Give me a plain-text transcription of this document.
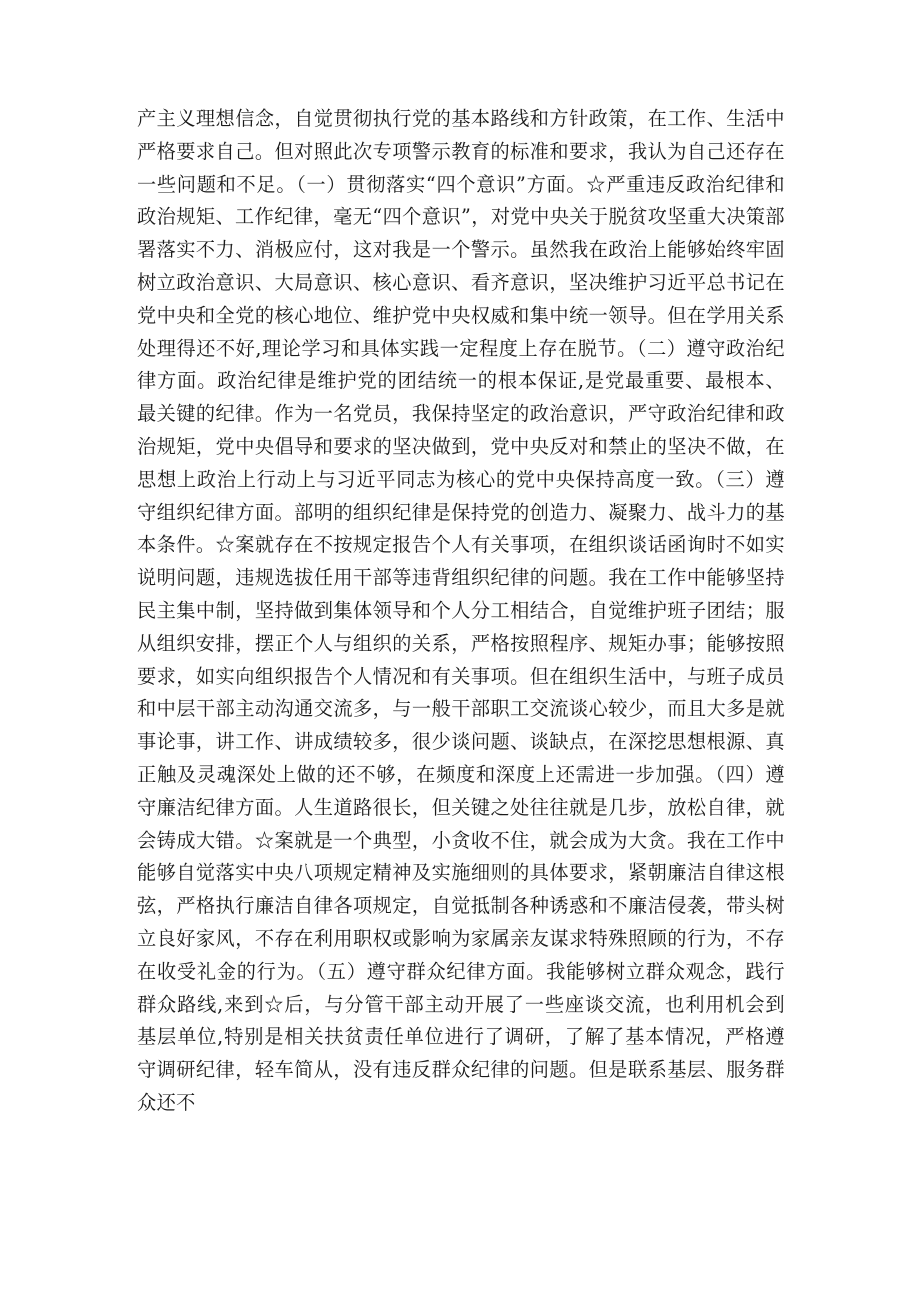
产主义理想信念，自觉贯彻执行党的基本路线和方针政策，在工作、生活中严格要求自己。但对照此次专项警示教育的标准和要求，我认为自己还存在一些问题和不足。（一）贯彻落实“四个意识”方面。☆严重违反政治纪律和政治规矩、工作纪律，毫无“四个意识”，对党中央关于脱贫攻坚重大决策部署落实不力、消极应付，这对我是一个警示。虽然我在政治上能够始终牢固树立政治意识、大局意识、核心意识、看齐意识，坚决维护习近平总书记在党中央和全党的核心地位、维护党中央权威和集中统一领导。但在学用关系处理得还不好,理论学习和具体实践一定程度上存在脱节。（二）遵守政治纪律方面。政治纪律是维护党的团结统一的根本保证,是党最重要、最根本、最关键的纪律。作为一名党员，我保持坚定的政治意识，严守政治纪律和政治规矩，党中央倡导和要求的坚决做到，党中央反对和禁止的坚决不做，在思想上政治上行动上与习近平同志为核心的党中央保持高度一致。（三）遵守组织纪律方面。部明的组织纪律是保持党的创造力、凝聚力、战斗力的基本条件。☆案就存在不按规定报告个人有关事项，在组织谈话函询时不如实说明问题，违规选拔任用干部等违背组织纪律的问题。我在工作中能够坚持民主集中制，坚持做到集体领导和个人分工相结合，自觉维护班子团结；服从组织安排，摆正个人与组织的关系，严格按照程序、规矩办事；能够按照要求，如实向组织报告个人情况和有关事项。但在组织生活中，与班子成员和中层干部主动沟通交流多，与一般干部职工交流谈心较少，而且大多是就事论事，讲工作、讲成绩较多，很少谈问题、谈缺点，在深挖思想根源、真正触及灵魂深处上做的还不够，在频度和深度上还需进一步加强。（四）遵守廉洁纪律方面。人生道路很长，但关键之处往往就是几步，放松自律，就会铸成大错。☆案就是一个典型，小贪收不住，就会成为大贪。我在工作中能够自觉落实中央八项规定精神及实施细则的具体要求，紧朝廉洁自律这根弦，严格执行廉洁自律各项规定，自觉抵制各种诱惑和不廉洁侵袭，带头树立良好家风，不存在利用职权或影响为家属亲友谋求特殊照顾的行为，不存在收受礼金的行为。（五）遵守群众纪律方面。我能够树立群众观念，践行群众路线,来到☆后，与分管干部主动开展了一些座谈交流，也利用机会到基层单位,特别是相关扶贫责任单位进行了调研，了解了基本情况，严格遵守调研纪律，轻车简从，没有违反群众纪律的问题。但是联系基层、服务群众还不
